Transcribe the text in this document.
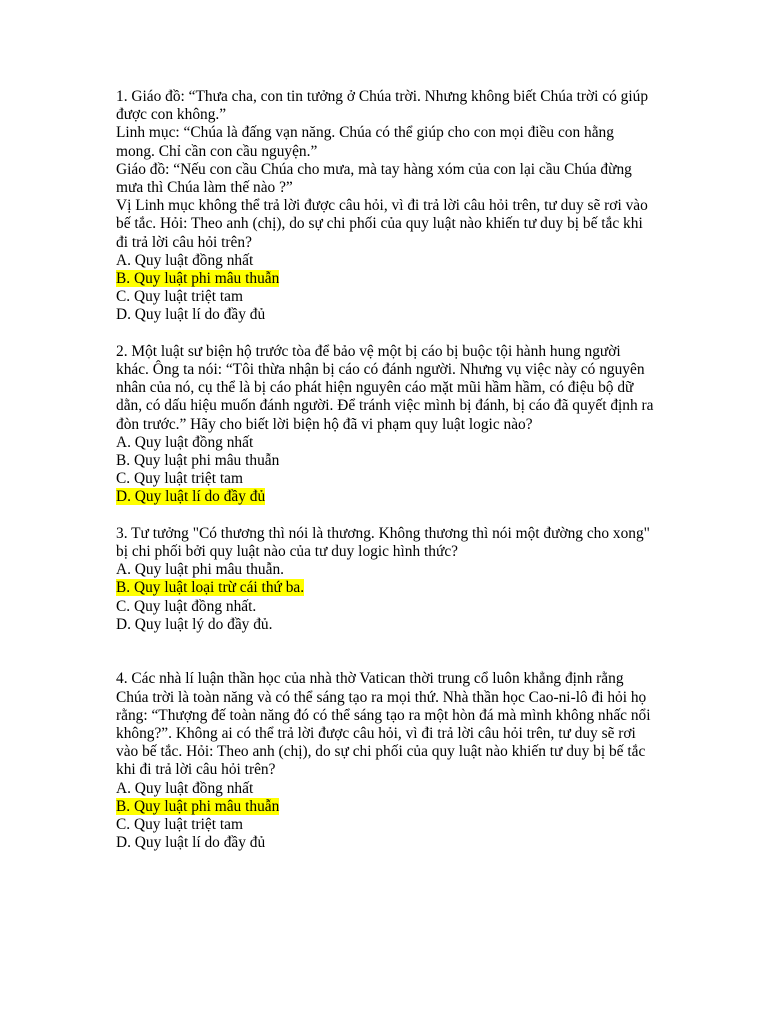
1. Giáo đồ: “Thưa cha, con tin tưởng ở Chúa trời. Nhưng không biết Chúa trời có giúp được con không.”
Linh mục: “Chúa là đấng vạn năng. Chúa có thể giúp cho con mọi điều con hằng mong. Chỉ cần con cầu nguyện.”
Giáo đồ: “Nếu con cầu Chúa cho mưa, mà tay hàng xóm của con lại cầu Chúa đừng mưa thì Chúa làm thế nào ?”
Vị Linh mục không thể trả lời được câu hỏi, vì đi trả lời câu hỏi trên, tư duy sẽ rơi vào bế tắc. Hỏi: Theo anh (chị), do sự chi phối của quy luật nào khiến tư duy bị bế tắc khi đi trả lời câu hỏi trên?
A. Quy luật đồng nhất
B. Quy luật phi mâu thuẫn
C. Quy luật triệt tam
D. Quy luật lí do đầy đủ
2. Một luật sư biện hộ trước tòa để bảo vệ một bị cáo bị buộc tội hành hung người khác. Ông ta nói: “Tôi thừa nhận bị cáo có đánh người. Nhưng vụ việc này có nguyên nhân của nó, cụ thể là bị cáo phát hiện nguyên cáo mặt mũi hầm hầm, có điệu bộ dữ dằn, có dấu hiệu muốn đánh người. Để tránh việc mình bị đánh, bị cáo đã quyết định ra đòn trước.” Hãy cho biết lời biện hộ đã vi phạm quy luật logic nào?
A. Quy luật đồng nhất
B. Quy luật phi mâu thuẫn
C. Quy luật triệt tam
D. Quy luật lí do đầy đủ
3. Tư tưởng "Có thương thì nói là thương. Không thương thì nói một đường cho xong" bị chi phối bởi quy luật nào của tư duy logic hình thức?
A. Quy luật phi mâu thuẫn.
B. Quy luật loại trừ cái thứ ba.
C. Quy luật đồng nhất.
D. Quy luật lý do đầy đủ.
4. Các nhà lí luận thần học của nhà thờ Vatican thời trung cổ luôn khẳng định rằng Chúa trời là toàn năng và có thể sáng tạo ra mọi thứ. Nhà thần học Cao-ni-lô đi hỏi họ rằng: “Thượng đế toàn năng đó có thể sáng tạo ra một hòn đá mà mình không nhấc nổi không?”. Không ai có thể trả lời được câu hỏi, vì đi trả lời câu hỏi trên, tư duy sẽ rơi vào bế tắc. Hỏi: Theo anh (chị), do sự chi phối của quy luật nào khiến tư duy bị bế tắc khi đi trả lời câu hỏi trên?
A. Quy luật đồng nhất
B. Quy luật phi mâu thuẫn
C. Quy luật triệt tam
D. Quy luật lí do đầy đủ
